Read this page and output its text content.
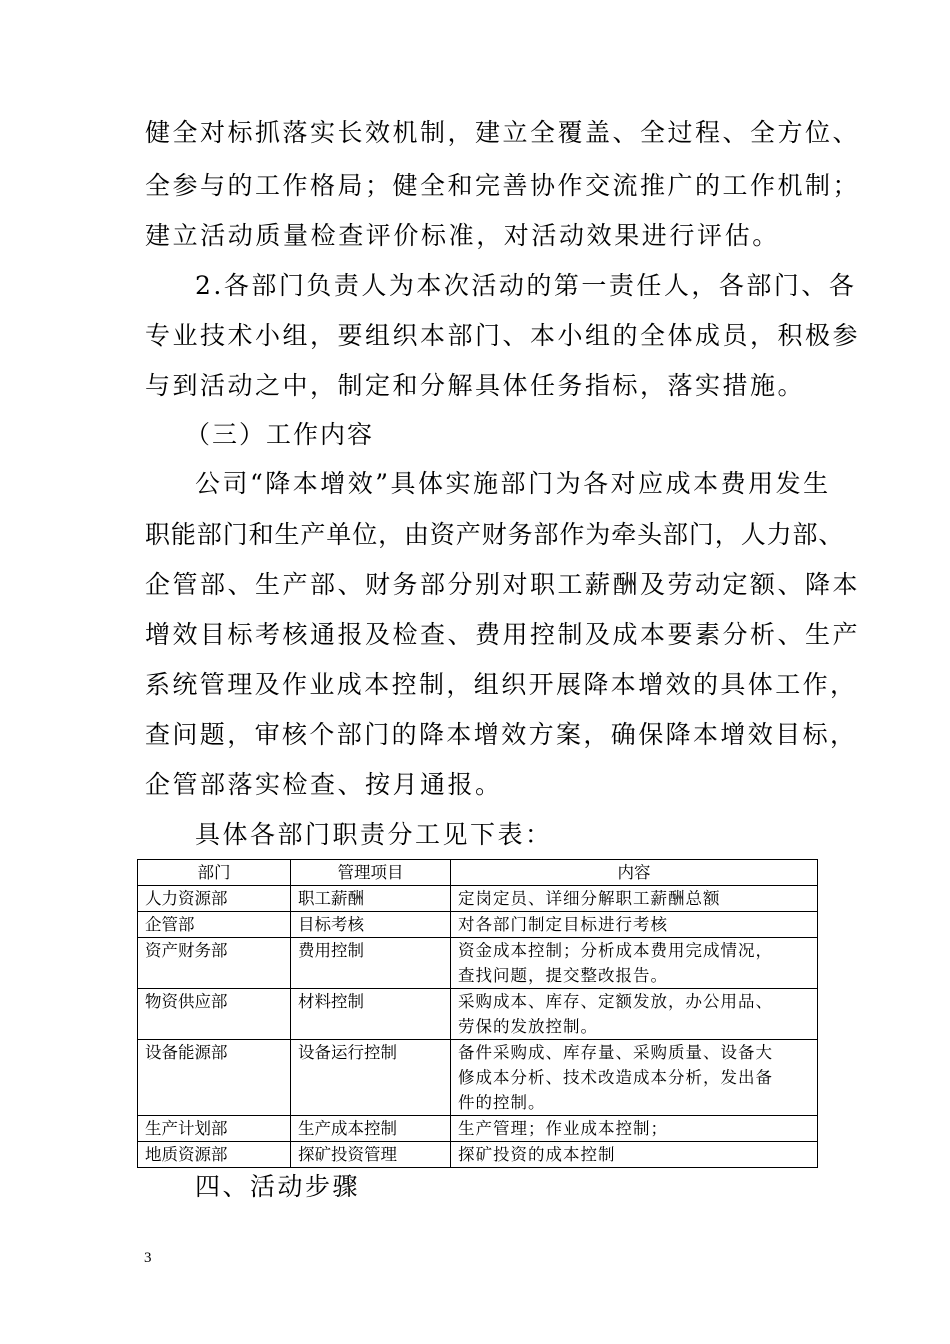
健全对标抓落实长效机制，建立全覆盖、全过程、全方位、
全参与的工作格局；健全和完善协作交流推广的工作机制；
建立活动质量检查评价标准，对活动效果进行评估。
2.各部门负责人为本次活动的第一责任人，各部门、各
专业技术小组，要组织本部门、本小组的全体成员，积极参
与到活动之中，制定和分解具体任务指标，落实措施。
（三）工作内容
公司“降本增效”具体实施部门为各对应成本费用发生
职能部门和生产单位，由资产财务部作为牵头部门，人力部、
企管部、生产部、财务部分别对职工薪酬及劳动定额、降本
增效目标考核通报及检查、费用控制及成本要素分析、生产
系统管理及作业成本控制，组织开展降本增效的具体工作，
查问题，审核个部门的降本增效方案，确保降本增效目标，
企管部落实检查、按月通报。
具体各部门职责分工见下表：
部门	管理项目	内容
人力资源部	职工薪酬	定岗定员、详细分解职工薪酬总额
企管部	目标考核	对各部门制定目标进行考核
资产财务部	费用控制	资金成本控制；分析成本费用完成情况，
查找问题，提交整改报告。
物资供应部	材料控制	采购成本、库存、定额发放，办公用品、
劳保的发放控制。
设备能源部	设备运行控制	备件采购成、库存量、采购质量、设备大
修成本分析、技术改造成本分析，发出备
件的控制。
生产计划部	生产成本控制	生产管理；作业成本控制；
地质资源部	探矿投资管理	探矿投资的成本控制
四、活动步骤
3
